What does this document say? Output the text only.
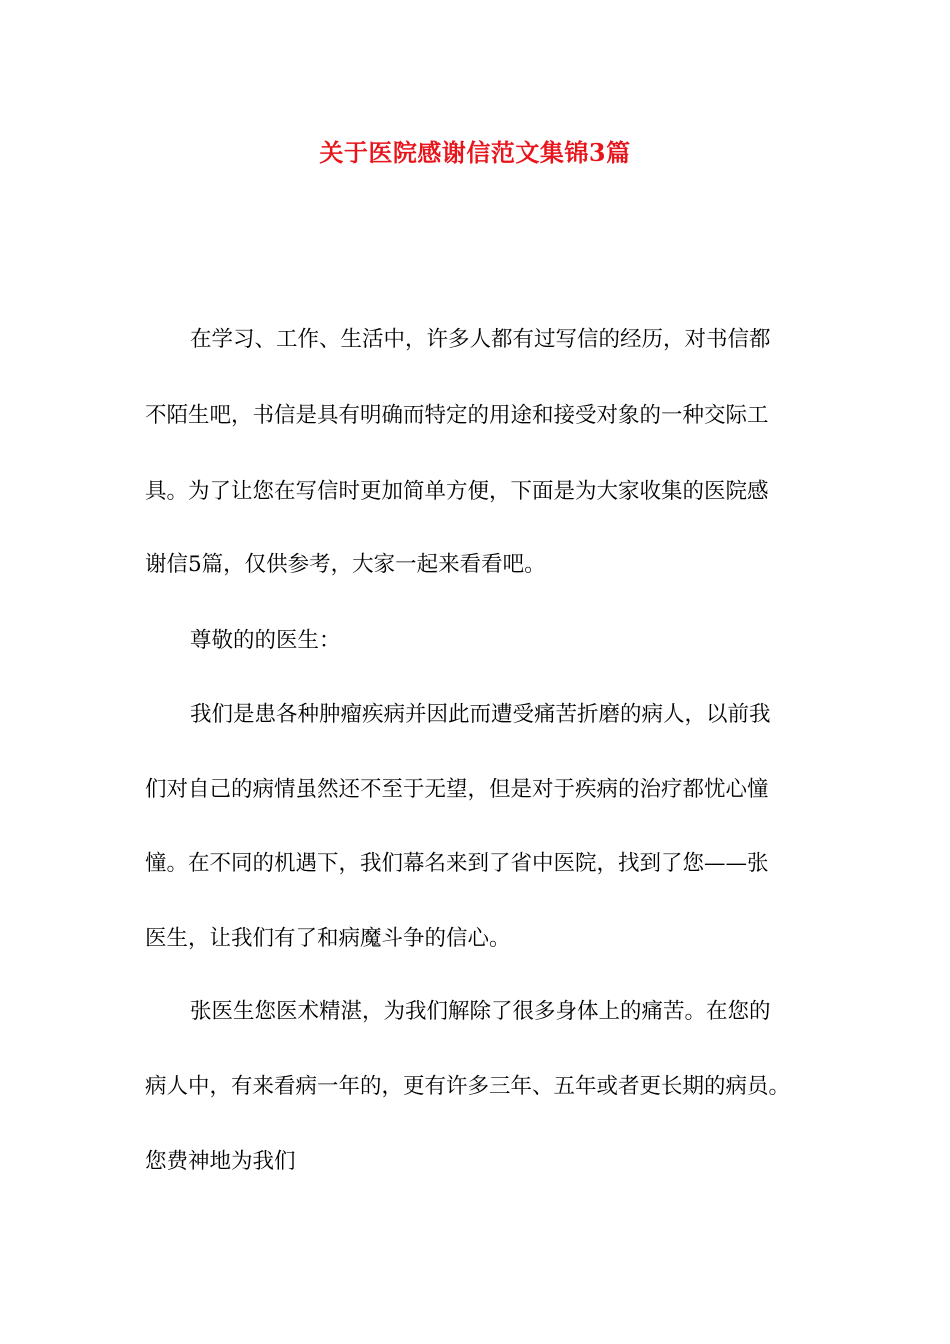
关于医院感谢信范文集锦3篇
在学习、工作、生活中，许多人都有过写信的经历，对书信都
不陌生吧，书信是具有明确而特定的用途和接受对象的一种交际工
具。为了让您在写信时更加简单方便，下面是为大家收集的医院感
谢信5篇，仅供参考，大家一起来看看吧。
尊敬的的医生：
我们是患各种肿瘤疾病并因此而遭受痛苦折磨的病人，以前我
们对自己的病情虽然还不至于无望，但是对于疾病的治疗都忧心憧
憧。在不同的机遇下，我们幕名来到了省中医院，找到了您——张
医生，让我们有了和病魔斗争的信心。
张医生您医术精湛，为我们解除了很多身体上的痛苦。在您的
病人中，有来看病一年的，更有许多三年、五年或者更长期的病员。
您费神地为我们
